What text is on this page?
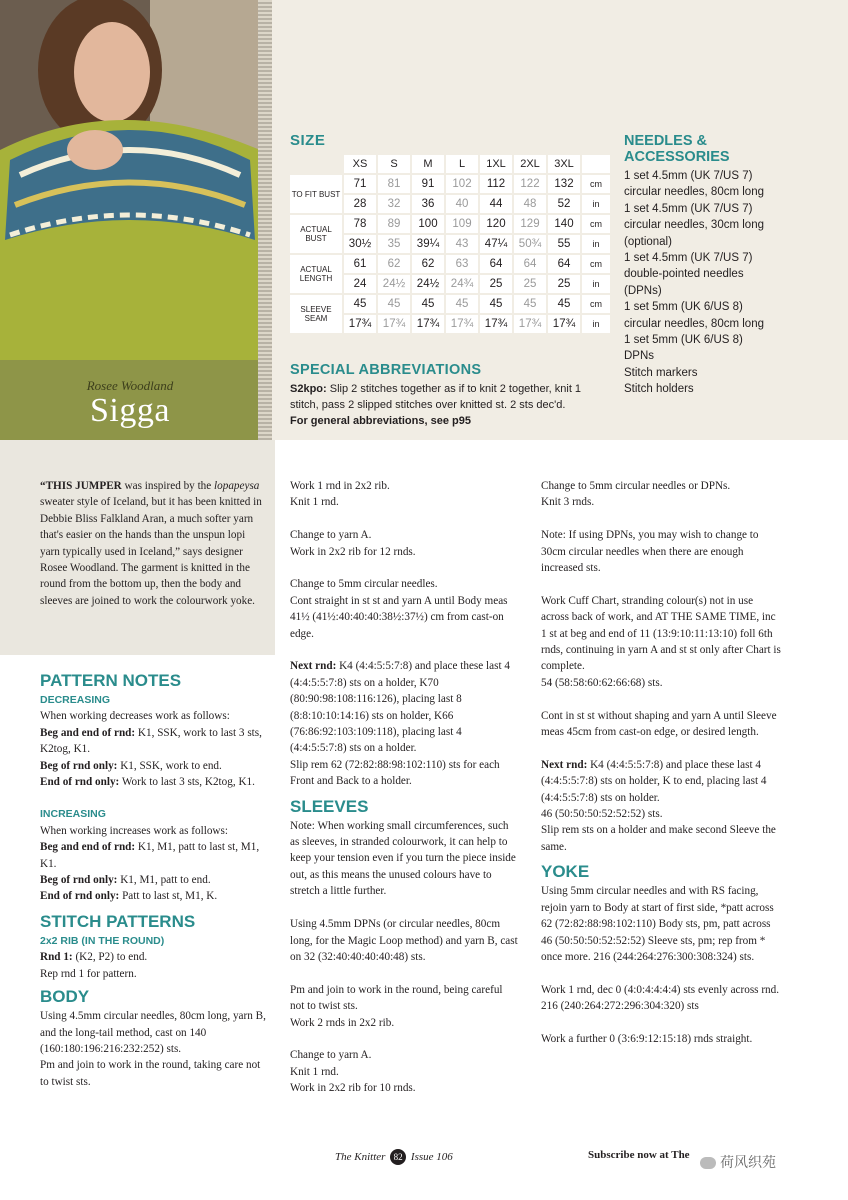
Rosee Woodland
Sigga
SIZE
	XS	S	M	L	1XL	2XL	3XL	
TO FIT BUST	71	81	91	102	112	122	132	cm
	28	32	36	40	44	48	52	in
ACTUAL BUST	78	89	100	109	120	129	140	cm
	30½	35	39¼	43	47¼	50¾	55	in
ACTUAL LENGTH	61	62	62	63	64	64	64	cm
	24	24½	24½	24¾	25	25	25	in
SLEEVE SEAM	45	45	45	45	45	45	45	cm
	17¾	17¾	17¾	17¾	17¾	17¾	17¾	in
NEEDLES &
ACCESSORIES
1 set 4.5mm (UK 7/US 7)
circular needles, 80cm long
1 set 4.5mm (UK 7/US 7)
circular needles, 30cm long
(optional)
1 set 4.5mm (UK 7/US 7)
double-pointed needles
(DPNs)
1 set 5mm (UK 6/US 8)
circular needles, 80cm long
1 set 5mm (UK 6/US 8) DPNs
Stitch markers
Stitch holders
SPECIAL ABBREVIATIONS
S2kpo: Slip 2 stitches together as if to knit 2 together, knit 1 stitch, pass 2 slipped stitches over knitted st. 2 sts dec'd.
For general abbreviations, see p95
“THIS JUMPER was inspired by the lopapeysa sweater style of Iceland, but it has been knitted in Debbie Bliss Falkland Aran, a much softer yarn that's easier on the hands than the unspun lopi yarn typically used in Iceland,” says designer Rosee Woodland. The garment is knitted in the round from the bottom up, then the body and sleeves are joined to work the colourwork yoke.
PATTERN NOTES
DECREASING
When working decreases work as follows:
Beg and end of rnd: K1, SSK, work to last 3 sts, K2tog, K1.
Beg of rnd only: K1, SSK, work to end.
End of rnd only: Work to last 3 sts, K2tog, K1.
INCREASING
When working increases work as follows:
Beg and end of rnd: K1, M1, patt to last st, M1, K1.
Beg of rnd only: K1, M1, patt to end.
End of rnd only: Patt to last st, M1, K.
STITCH PATTERNS
2x2 RIB (IN THE ROUND)
Rnd 1: (K2, P2) to end.
Rep rnd 1 for pattern.
BODY
Using 4.5mm circular needles, 80cm long, yarn B, and the long-tail method, cast on 140 (160:180:196:216:232:252) sts.
Pm and join to work in the round, taking care not to twist sts.

Work 1 rnd in 2x2 rib.

Knit 1 rnd.

Change to yarn A.

Work in 2x2 rib for 12 rnds.

Change to 5mm circular needles.

Cont straight in st st and yarn A until Body meas 41½ (41½:40:40:40:38½:37½) cm from cast-on edge.

Next rnd: K4 (4:4:5:5:7:8) and place these last 4 (4:4:5:5:7:8) sts on a holder, K70 (80:90:98:108:116:126), placing last 8 (8:8:10:10:14:16) sts on holder, K66 (76:86:92:103:109:118), placing last 4 (4:4:5:5:7:8) sts on a holder.

Slip rem 62 (72:82:88:98:102:110) sts for each Front and Back to a holder.

SLEEVES

Note: When working small circumferences, such as sleeves, in stranded colourwork, it can help to keep your tension even if you turn the piece inside out, as this means the unused colours have to stretch a little further.

Using 4.5mm DPNs (or circular needles, 80cm long, for the Magic Loop method) and yarn B, cast on 32 (32:40:40:40:40:48) sts.

Pm and join to work in the round, being careful not to twist sts.

Work 2 rnds in 2x2 rib.

Change to yarn A.

Knit 1 rnd.

Work in 2x2 rib for 10 rnds.

Change to 5mm circular needles or DPNs.

Knit 3 rnds.

Note: If using DPNs, you may wish to change to 30cm circular needles when there are enough increased sts.

Work Cuff Chart, stranding colour(s) not in use across back of work, and AT THE SAME TIME, inc 1 st at beg and end of 11 (13:9:10:11:13:10) foll 6th rnds, continuing in yarn A and st st only after Chart is complete.

54 (58:58:60:62:66:68) sts.

Cont in st st without shaping and yarn A until Sleeve meas 45cm from cast-on edge, or desired length.

Next rnd: K4 (4:4:5:5:7:8) and place these last 4 (4:4:5:5:7:8) sts on holder, K to end, placing last 4 (4:4:5:5:7:8) sts on holder.

46 (50:50:50:52:52:52) sts.

Slip rem sts on a holder and make second Sleeve the same.

YOKE

Using 5mm circular needles and with RS facing, rejoin yarn to Body at start of first side, *patt across 62 (72:82:88:98:102:110) Body sts, pm, patt across 46 (50:50:50:52:52:52) Sleeve sts, pm; rep from * once more. 216 (244:264:276:300:308:324) sts.

Work 1 rnd, dec 0 (4:0:4:4:4:4) sts evenly across rnd.

216 (240:264:272:296:304:320) sts

Work a further 0 (3:6:9:12:15:18) rnds straight.

The Knitter 82 Issue 106	Subscribe now at The	荷风织苑
